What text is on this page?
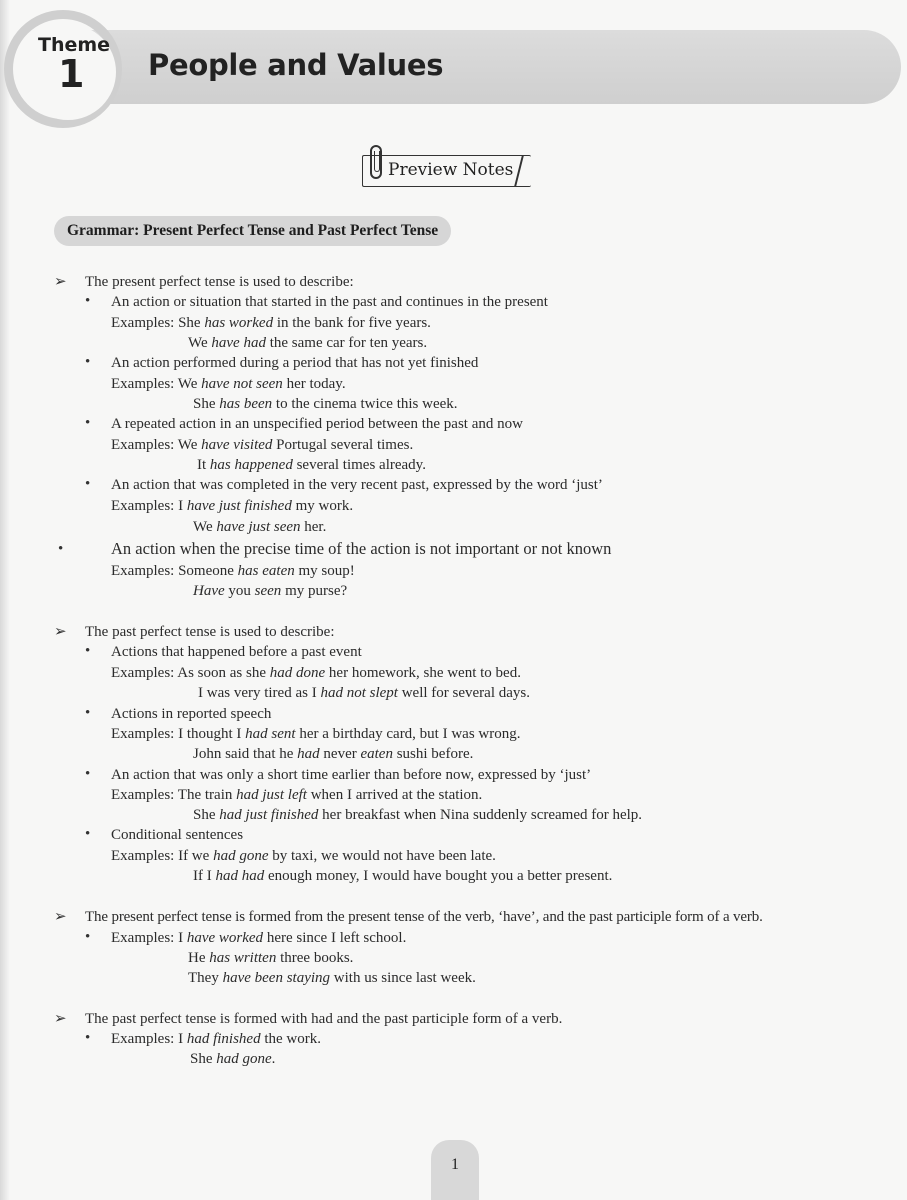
Theme
1 People and Values
Preview Notes
Grammar: Present Perfect Tense and Past Perfect Tense
➢ The present perfect tense is used to describe:
• An action or situation that started in the past and continues in the present
Examples: She has worked in the bank for five years.
We have had the same car for ten years.
• An action performed during a period that has not yet finished
Examples: We have not seen her today.
She has been to the cinema twice this week.
• A repeated action in an unspecified period between the past and now
Examples: We have visited Portugal several times.
It has happened several times already.
• An action that was completed in the very recent past, expressed by the word ‘just’
Examples: I have just finished my work.
We have just seen her.
•	An action when the precise time of the action is not important or not known
Examples: Someone has eaten my soup!
Have you seen my purse?
➢ The past perfect tense is used to describe:
• Actions that happened before a past event
Examples: As soon as she had done her homework, she went to bed.
I was very tired as I had not slept well for several days.
• Actions in reported speech
Examples: I thought I had sent her a birthday card, but I was wrong.
John said that he had never eaten sushi before.
• An action that was only a short time earlier than before now, expressed by ‘just’
Examples: The train had just left when I arrived at the station.
She had just finished her breakfast when Nina suddenly screamed for help.
• Conditional sentences
Examples: If we had gone by taxi, we would not have been late.
If I had had enough money, I would have bought you a better present.
➢ The present perfect tense is formed from the present tense of the verb, ‘have’, and the past participle form of a verb.
• Examples: I have worked here since I left school.
He has written three books.
They have been staying with us since last week.
➢ The past perfect tense is formed with had and the past participle form of a verb.
• Examples: I had finished the work.
She had gone.
1
